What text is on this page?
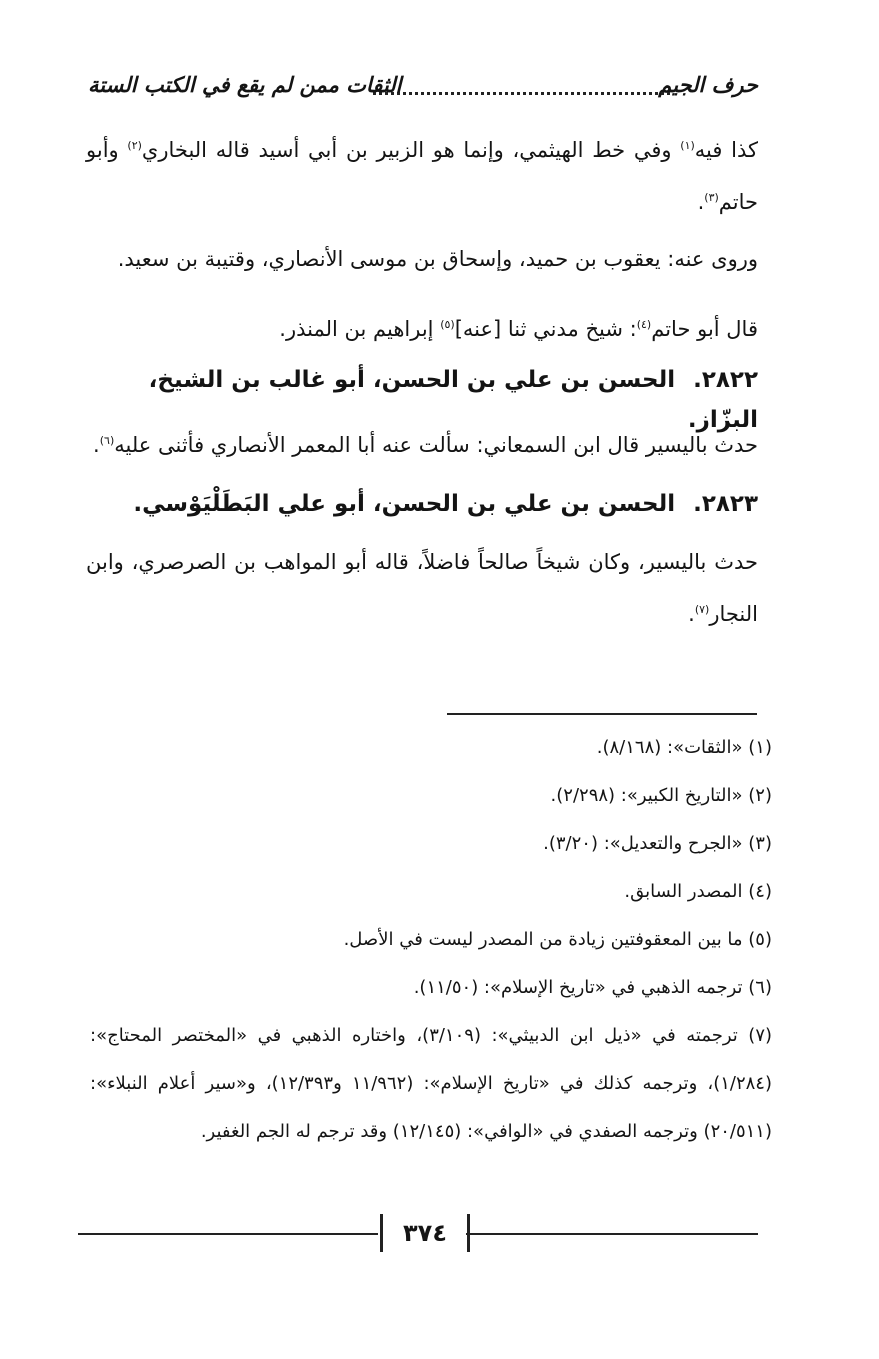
حرف الجيم
الثقات ممن لم يقع في الكتب الستة
كذا فيه$^{(١)}$ وفي خط الهيثمي، وإنما هو الزبير بن أبي أسيد قاله البخاري$^{(٢)}$ وأبو حاتم$^{(٣)}$.
وروى عنه: يعقوب بن حميد، وإسحاق بن موسى الأنصاري، وقتيبة بن سعيد.
قال أبو حاتم$^{(٤)}$: شيخ مدني ثنا [عنه]$^{(٥)}$ إبراهيم بن المنذر.
٢٨٢٢.الحسن بن علي بن الحسن، أبو غالب بن الشيخ، البزّاز.
حدث باليسير قال ابن السمعاني: سألت عنه أبا المعمر الأنصاري فأثنى عليه$^{(٦)}$.
٢٨٢٣.الحسن بن علي بن الحسن، أبو علي البَطَلْيَوْسي.
حدث باليسير، وكان شيخاً صالحاً فاضلاً، قاله أبو المواهب بن الصرصري، وابن النجار$^{(٧)}$.

(١) «الثقات»: (٨/١٦٨).

(٢) «التاريخ الكبير»: (٢/٢٩٨).

(٣) «الجرح والتعديل»: (٣/٢٠).

(٤) المصدر السابق.

(٥) ما بين المعقوفتين زيادة من المصدر ليست في الأصل.

(٦) ترجمه الذهبي في «تاريخ الإسلام»: (١١/٥٠).

(٧) ترجمته في «ذيل ابن الدبيثي»: (٣/١٠٩)، واختاره الذهبي في «المختصر المحتاج»: (١/٢٨٤)، وترجمه كذلك في «تاريخ الإسلام»: (١١/٩٦٢ و١٢/٣٩٣)، و«سير أعلام النبلاء»: (٢٠/٥١١) وترجمه الصفدي في «الوافي»: (١٢/١٤٥) وقد ترجم له الجم الغفير.

٣٧٤
